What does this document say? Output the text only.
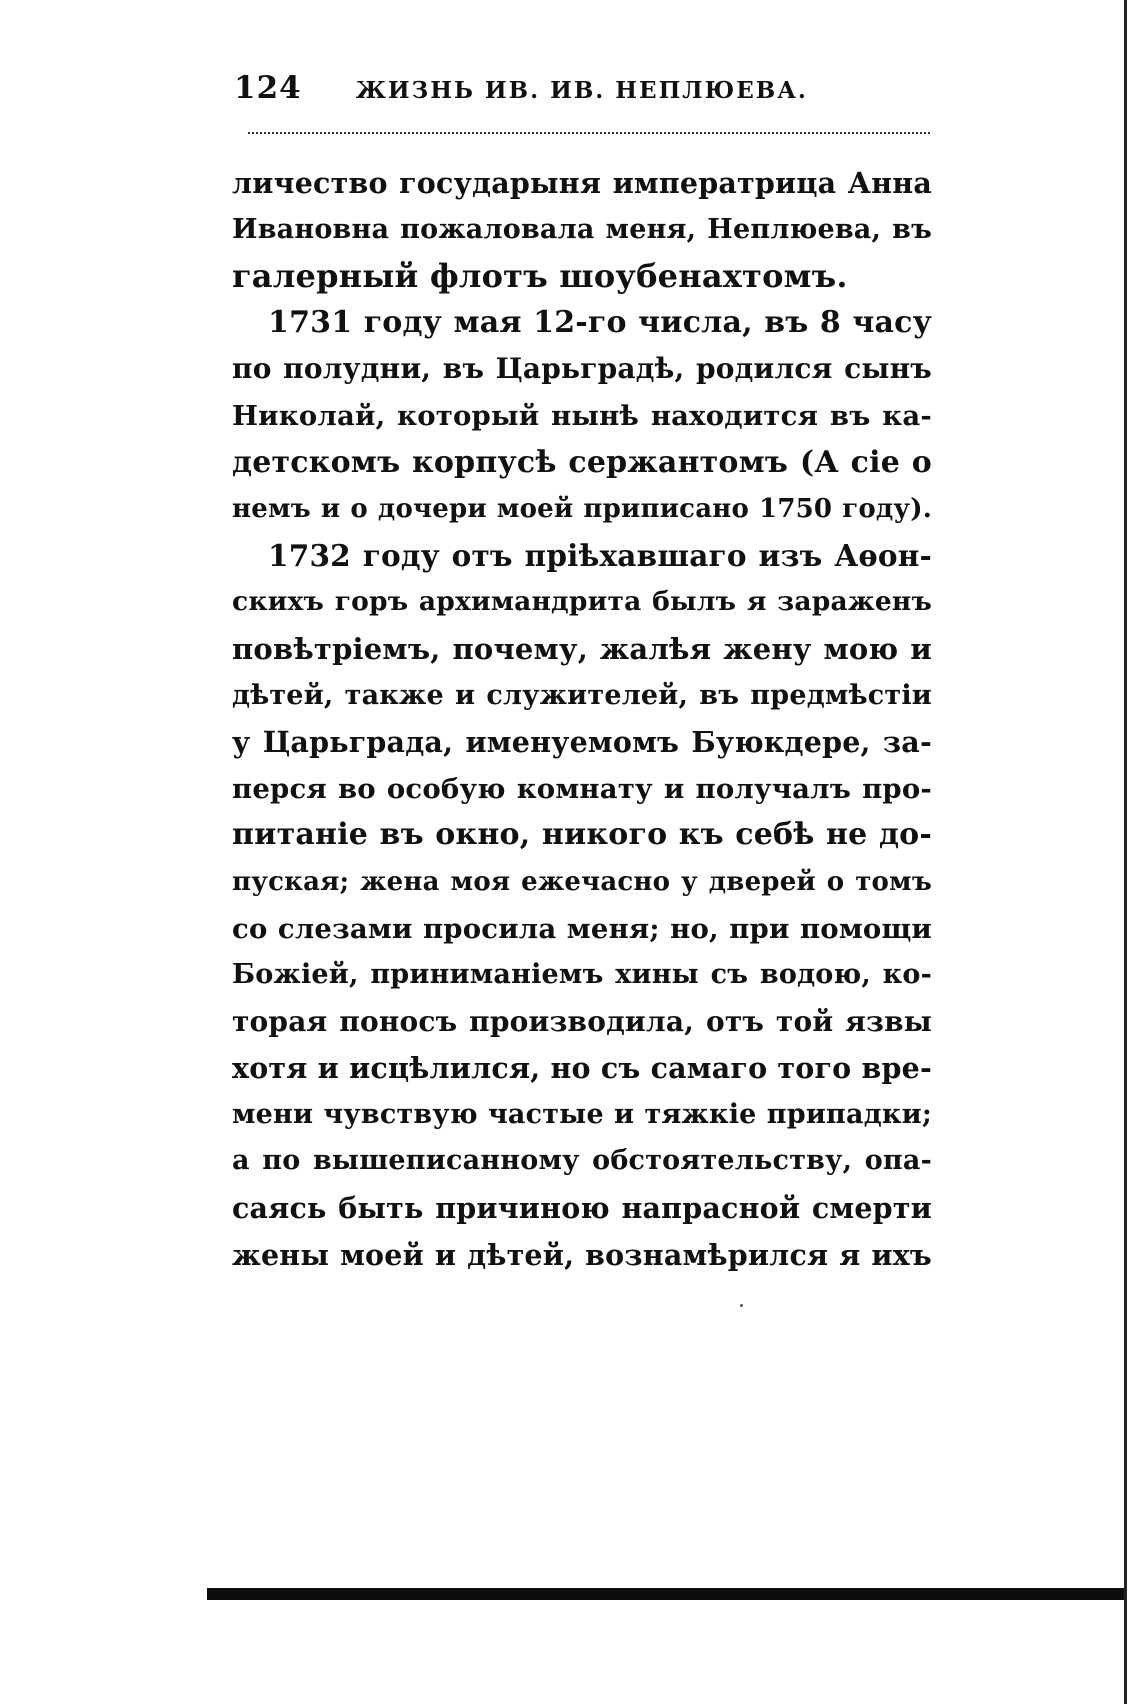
124 ЖИЗНЬ ИВ. ИВ. НЕПЛЮЕВА.
личество государыня императрица Анна
Ивановна пожаловала меня, Неплюева, въ
галерный флотъ шоубенахтомъ.
1731 году мая 12-го числа, въ 8 часу
по полудни, въ Царьградѣ, родился сынъ
Николай, который нынѣ находится въ ка-
детскомъ корпусѣ сержантомъ (А сіе о
немъ и о дочери моей приписано 1750 году).
1732 году отъ пріѣхавшаго изъ Аѳон-
скихъ горъ архимандрита былъ я зараженъ
повѣтріемъ, почему, жалѣя жену мою и
дѣтей, также и служителей, въ предмѣстіи
у Царьграда, именуемомъ Буюкдере, за-
перся во особую комнату и получалъ про-
питаніе въ окно, никого къ себѣ не до-
пуская; жена моя ежечасно у дверей о томъ
со слезами просила меня; но, при помощи
Божіей, приниманіемъ хины съ водою, ко-
торая поносъ производила, отъ той язвы
хотя и исцѣлился, но съ самаго того вре-
мени чувствую частые и тяжкіе припадки;
а по вышеписанному обстоятельству, опа-
саясь быть причиною напрасной смерти
жены моей и дѣтей, вознамѣрился я ихъ
